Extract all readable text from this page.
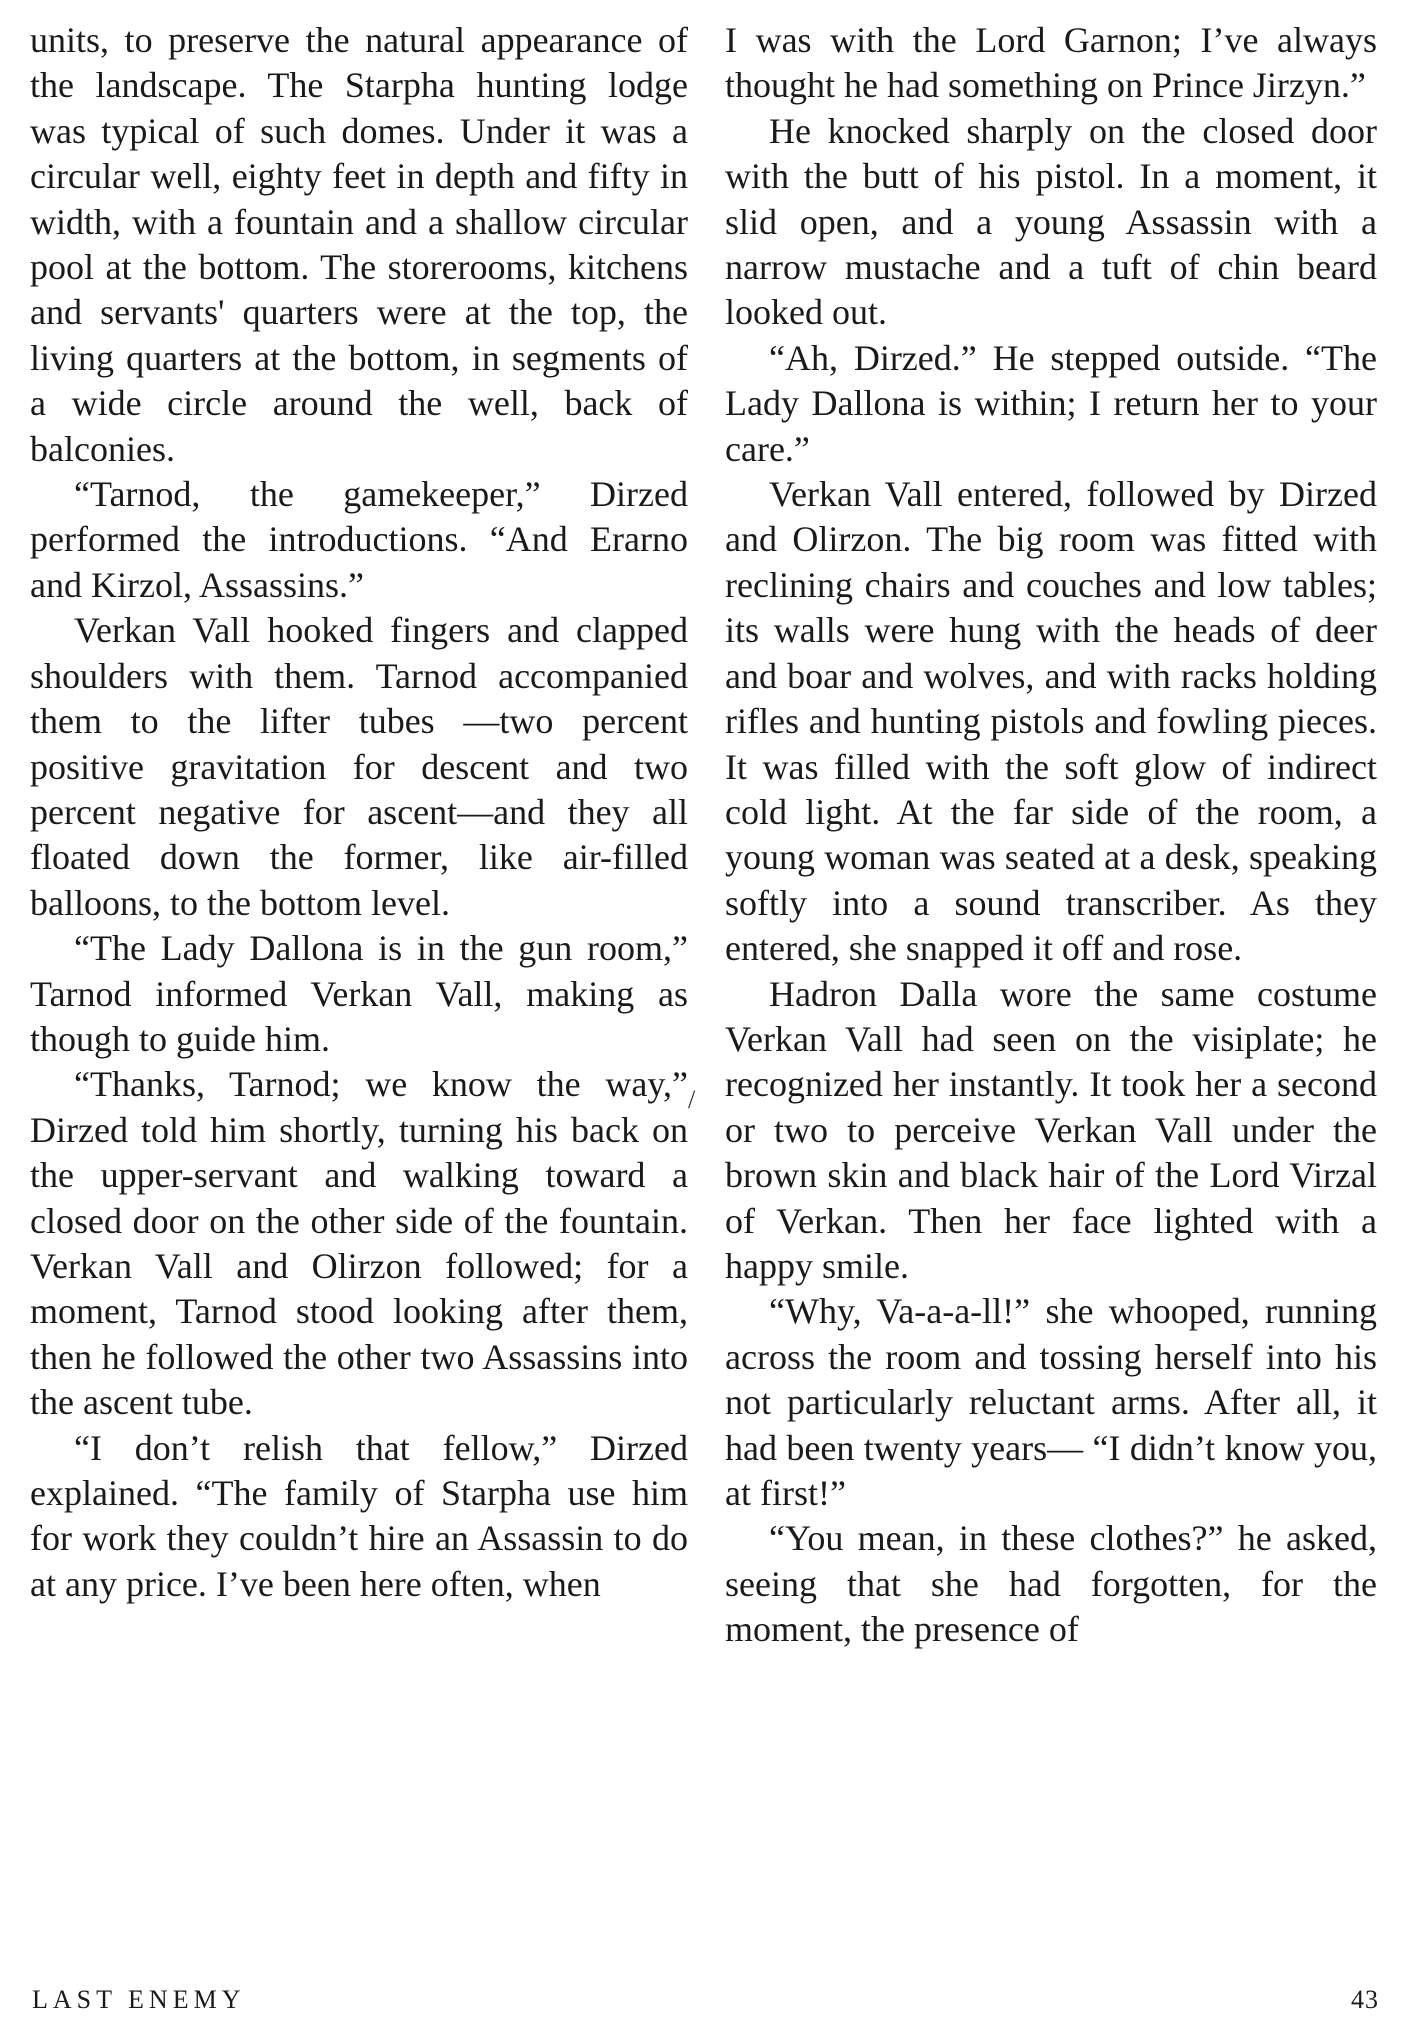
units, to preserve the natural appearance of the landscape. The Starpha hunting lodge was typical of such domes. Under it was a circular well, eighty feet in depth and fifty in width, with a fountain and a shallow circular pool at the bottom. The storerooms, kitchens and servants' quarters were at the top, the living quarters at the bottom, in segments of a wide circle around the well, back of balconies.

“Tarnod, the gamekeeper,” Dirzed performed the introductions. “And Erarno and Kirzol, Assassins.”

Verkan Vall hooked fingers and clapped shoulders with them. Tarnod accompanied them to the lifter tubes —two percent positive gravitation for descent and two percent negative for ascent—and they all floated down the former, like air-filled balloons, to the bottom level.

“The Lady Dallona is in the gun room,” Tarnod informed Verkan Vall, making as though to guide him.

“Thanks, Tarnod; we know the way,” Dirzed told him shortly, turning his back on the upper-servant and walking toward a closed door on the other side of the fountain. Verkan Vall and Olirzon followed; for a moment, Tarnod stood looking after them, then he followed the other two Assassins into the ascent tube.

“I don’t relish that fellow,” Dirzed explained. “The family of Starpha use him for work they couldn’t hire an Assassin to do at any price. I’ve been here often, when

/

I was with the Lord Garnon; I’ve always thought he had something on Prince Jirzyn.”

He knocked sharply on the closed door with the butt of his pistol. In a moment, it slid open, and a young Assassin with a narrow mustache and a tuft of chin beard looked out.

“Ah, Dirzed.” He stepped outside. “The Lady Dallona is within; I return her to your care.”

Verkan Vall entered, followed by Dirzed and Olirzon. The big room was fitted with reclining chairs and couches and low tables; its walls were hung with the heads of deer and boar and wolves, and with racks holding rifles and hunting pistols and fowling pieces. It was filled with the soft glow of indirect cold light. At the far side of the room, a young woman was seated at a desk, speaking softly into a sound transcriber. As they entered, she snapped it off and rose.

Hadron Dalla wore the same costume Verkan Vall had seen on the visiplate; he recognized her instantly. It took her a second or two to perceive Verkan Vall under the brown skin and black hair of the Lord Virzal of Verkan. Then her face lighted with a happy smile.

“Why, Va-a-a-ll!” she whooped, running across the room and tossing herself into his not particularly reluctant arms. After all, it had been twenty years— “I didn’t know you, at first!”

“You mean, in these clothes?” he asked, seeing that she had forgotten, for the moment, the presence of

LAST ENEMY	43
